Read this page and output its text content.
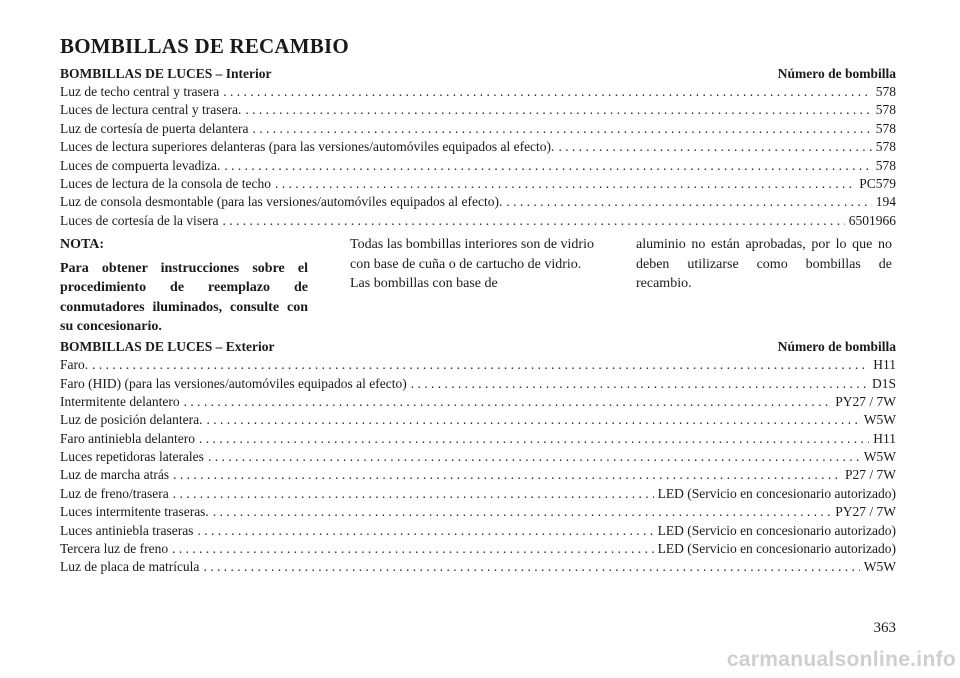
BOMBILLAS DE RECAMBIO
BOMBILLAS DE LUCES – Interior	Número de bombilla
Luz de techo central y trasera . . .	578
Luces de lectura central y trasera. . . .	578
Luz de cortesía de puerta delantera . . .	578
Luces de lectura superiores delanteras (para las versiones/automóviles equipados al efecto). . . .	578
Luces de compuerta levadiza. . . .	578
Luces de lectura de la consola de techo . . .	PC579
Luz de consola desmontable (para las versiones/automóviles equipados al efecto). . . .	194
Luces de cortesía de la visera . . .	6501966
NOTA:
Para obtener instrucciones sobre el procedimiento de reemplazo de conmutadores iluminados, consulte con su concesionario.
Todas las bombillas interiores son de vidrio con base de cuña o de cartucho de vidrio. Las bombillas con base de
aluminio no están aprobadas, por lo que no deben utilizarse como bombillas de recambio.
BOMBILLAS DE LUCES – Exterior	Número de bombilla
Faro. . . .	H11
Faro (HID) (para las versiones/automóviles equipados al efecto) . . .	D1S
Intermitente delantero . . .	PY27 / 7W
Luz de posición delantera. . . .	W5W
Faro antiniebla delantero . . .	H11
Luces repetidoras laterales . . .	W5W
Luz de marcha atrás . . .	P27 / 7W
Luz de freno/trasera . . .	LED (Servicio en concesionario autorizado)
Luces intermitente traseras. . . .	PY27 / 7W
Luces antiniebla traseras . . .	LED (Servicio en concesionario autorizado)
Tercera luz de freno . . .	LED (Servicio en concesionario autorizado)
Luz de placa de matrícula . . .	W5W
363
carmanualsonline.info
